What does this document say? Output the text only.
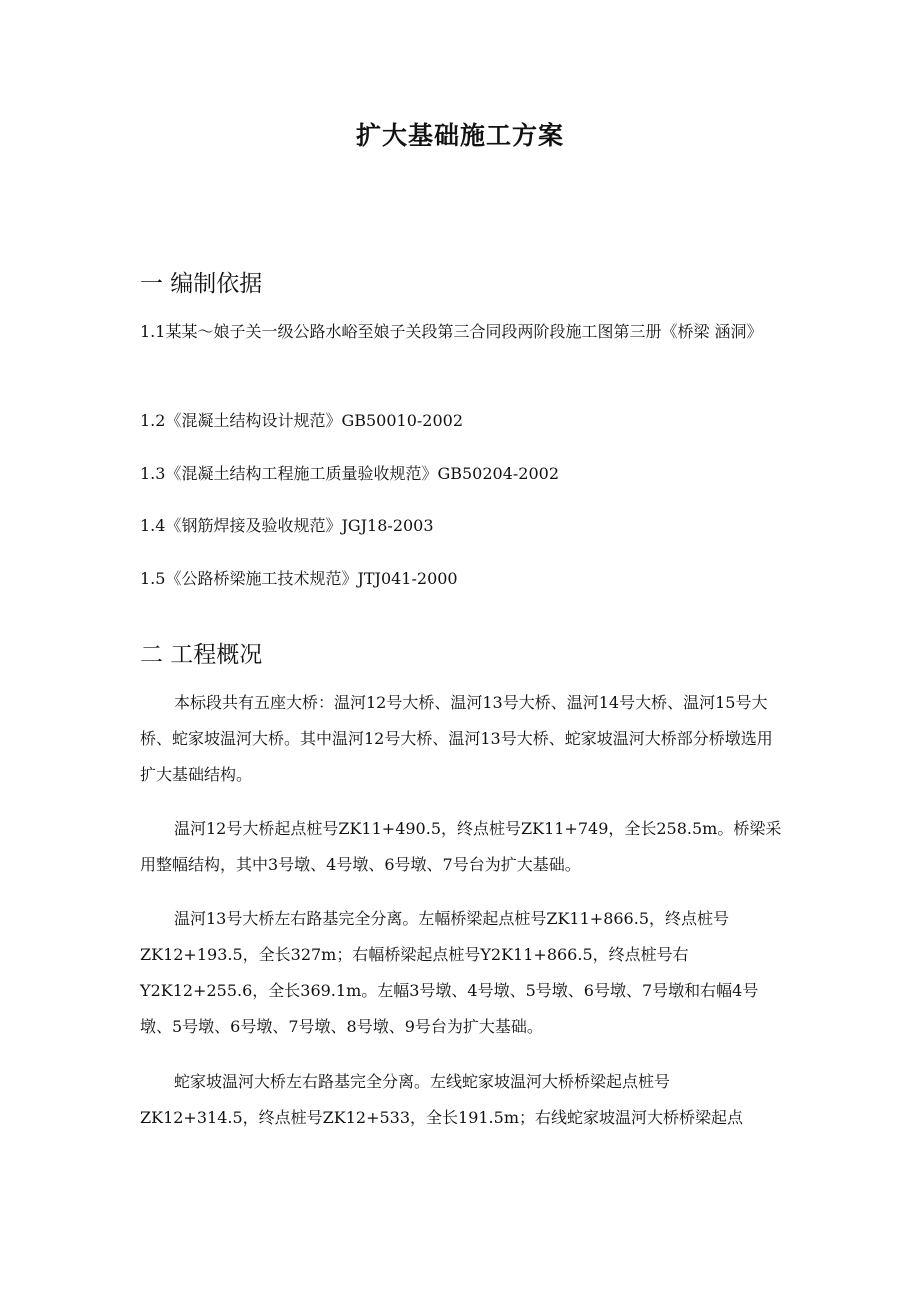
扩大基础施工方案
一 编制依据
1.1某某～娘子关一级公路水峪至娘子关段第三合同段两阶段施工图第三册《桥梁 涵洞》
1.2《混凝土结构设计规范》GB50010-2002
1.3《混凝土结构工程施工质量验收规范》GB50204-2002
1.4《钢筋焊接及验收规范》JGJ18-2003
1.5《公路桥梁施工技术规范》JTJ041-2000
二 工程概况
本标段共有五座大桥：温河12号大桥、温河13号大桥、温河14号大桥、温河15号大桥、蛇家坡温河大桥。其中温河12号大桥、温河13号大桥、蛇家坡温河大桥部分桥墩选用扩大基础结构。
温河12号大桥起点桩号ZK11+490.5，终点桩号ZK11+749，全长258.5m。桥梁采用整幅结构，其中3号墩、4号墩、6号墩、7号台为扩大基础。
温河13号大桥左右路基完全分离。左幅桥梁起点桩号ZK11+866.5，终点桩号ZK12+193.5，全长327m；右幅桥梁起点桩号Y2K11+866.5，终点桩号右Y2K12+255.6，全长369.1m。左幅3号墩、4号墩、5号墩、6号墩、7号墩和右幅4号墩、5号墩、6号墩、7号墩、8号墩、9号台为扩大基础。
蛇家坡温河大桥左右路基完全分离。左线蛇家坡温河大桥桥梁起点桩号ZK12+314.5，终点桩号ZK12+533，全长191.5m；右线蛇家坡温河大桥桥梁起点
